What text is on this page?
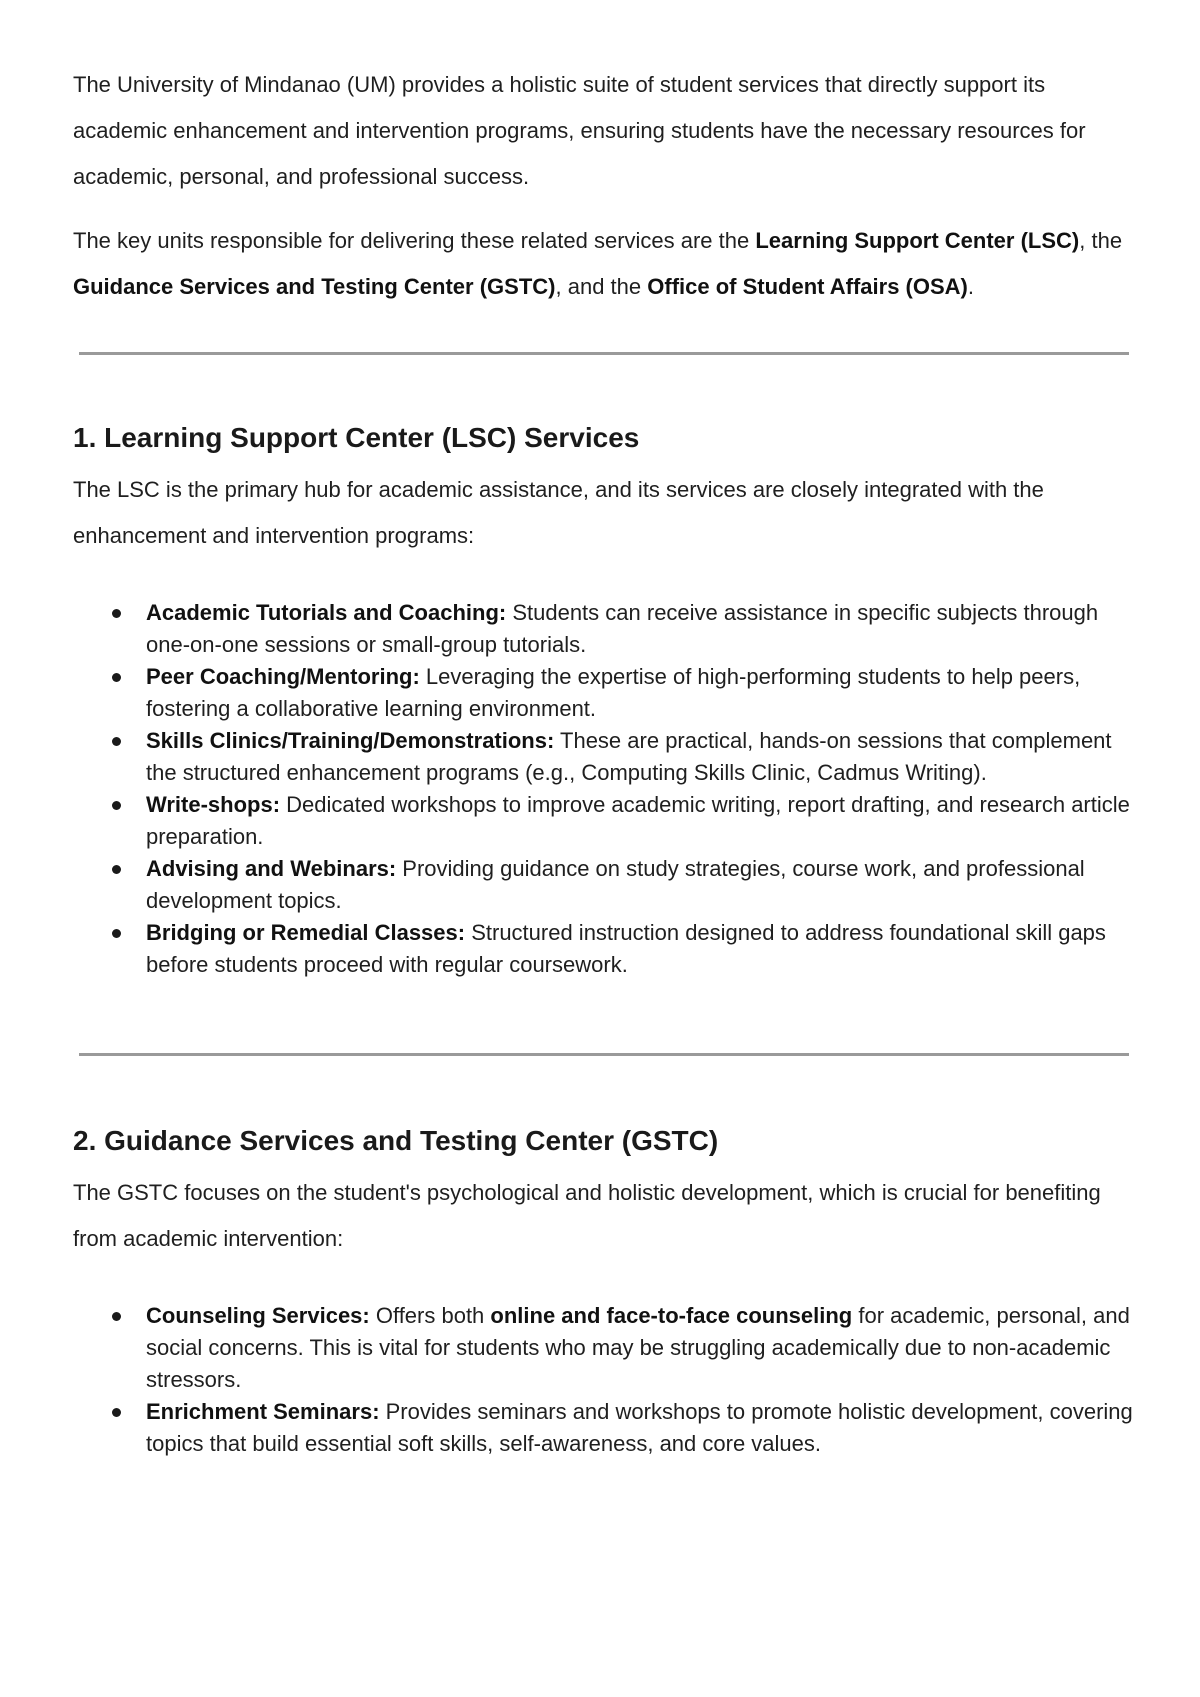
The University of Mindanao (UM) provides a holistic suite of student services that directly support its academic enhancement and intervention programs, ensuring students have the necessary resources for academic, personal, and professional success.

The key units responsible for delivering these related services are the Learning Support Center (LSC), the Guidance Services and Testing Center (GSTC), and the Office of Student Affairs (OSA).

1. Learning Support Center (LSC) Services

The LSC is the primary hub for academic assistance, and its services are closely integrated with the enhancement and intervention programs:

Academic Tutorials and Coaching: Students can receive assistance in specific subjects through one-on-one sessions or small-group tutorials.
Peer Coaching/Mentoring: Leveraging the expertise of high-performing students to help peers, fostering a collaborative learning environment.
Skills Clinics/Training/Demonstrations: These are practical, hands-on sessions that complement the structured enhancement programs (e.g., Computing Skills Clinic, Cadmus Writing).
Write-shops: Dedicated workshops to improve academic writing, report drafting, and research article preparation.
Advising and Webinars: Providing guidance on study strategies, course work, and professional development topics.
Bridging or Remedial Classes: Structured instruction designed to address foundational skill gaps before students proceed with regular coursework.
2. Guidance Services and Testing Center (GSTC)

The GSTC focuses on the student's psychological and holistic development, which is crucial for benefiting from academic intervention:

Counseling Services: Offers both online and face-to-face counseling for academic, personal, and social concerns. This is vital for students who may be struggling academically due to non-academic stressors.
Enrichment Seminars: Provides seminars and workshops to promote holistic development, covering topics that build essential soft skills, self-awareness, and core values.
